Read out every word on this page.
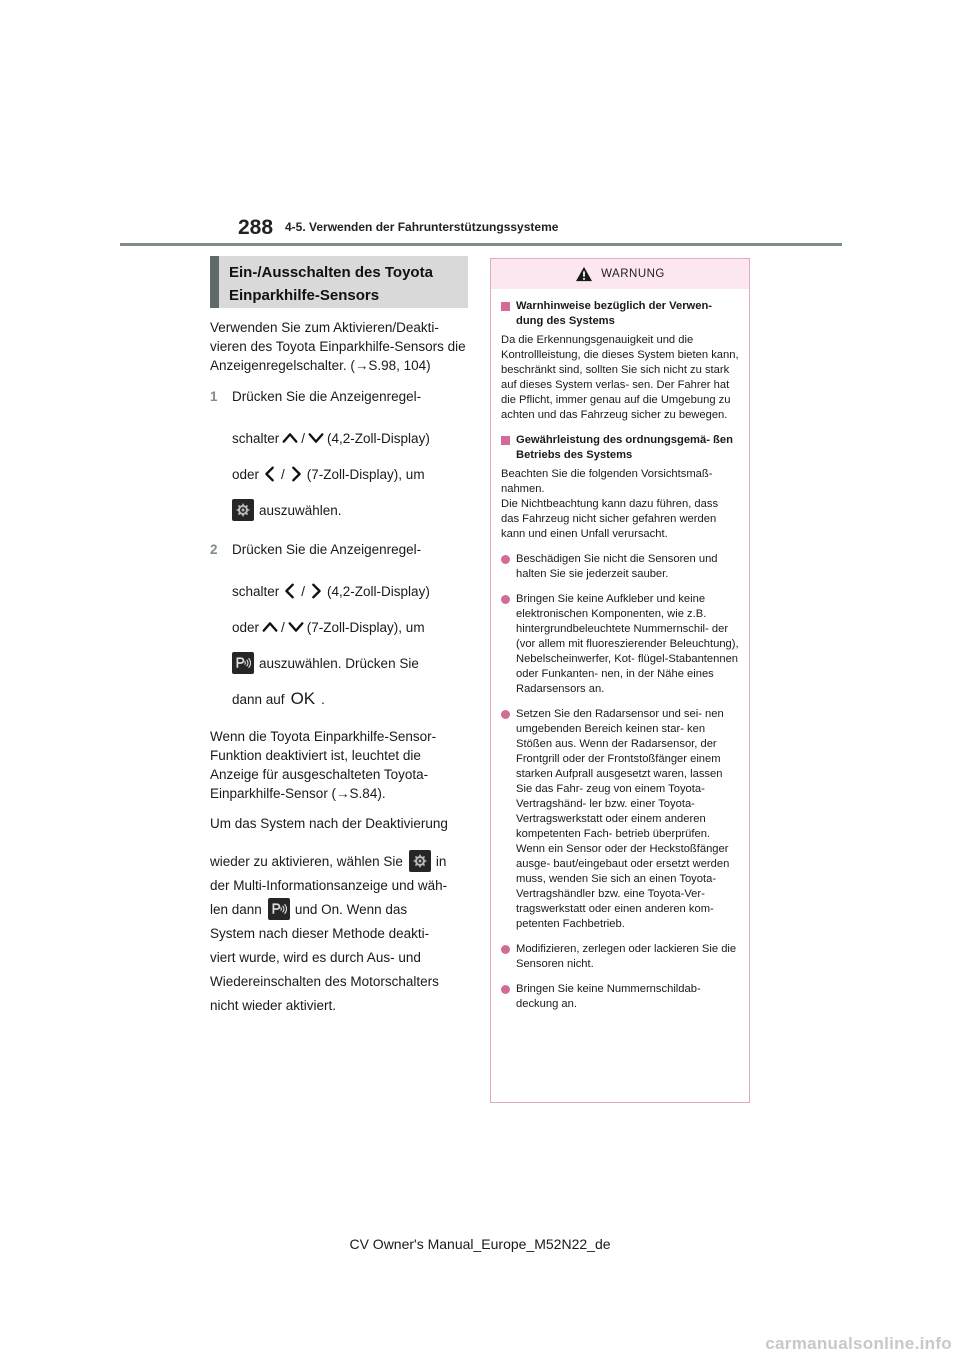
288 4-5. Verwenden der Fahrunterstützungssysteme
Ein-/Ausschalten des Toyota
Einparkhilfe-Sensors

Verwenden Sie zum Aktivieren/Deakti- vieren des Toyota Einparkhilfe-Sensors die Anzeigenregelschalter. (→S.98, 104)

1	Drücken Sie die Anzeigenregel-
schalter / (4,2-Zoll-Display)
oder / (7-Zoll-Display), um
auszuwählen.
2	Drücken Sie die Anzeigenregel-
schalter / (4,2-Zoll-Display)
oder / (7-Zoll-Display), um
auszuwählen. Drücken Sie
dann auf OK .

Wenn die Toyota Einparkhilfe-Sensor- Funktion deaktiviert ist, leuchtet die Anzeige für ausgeschalteten Toyota- Einparkhilfe-Sensor (→S.84).

Um das System nach der Deaktivierung
wieder zu aktivieren, wählen Sie in
der Multi-Informationsanzeige und wäh-
len dann und On. Wenn das
System nach dieser Methode deakti-
viert wurde, wird es durch Aus- und
Wiedereinschalten des Motorschalters
nicht wieder aktiviert.
WARNUNG
Warnhinweise bezüglich der Verwen- dung des Systems

Da die Erkennungsgenauigkeit und die Kontrollleistung, die dieses System bieten kann, beschränkt sind, sollten Sie sich nicht zu stark auf dieses System verlas- sen. Der Fahrer hat die Pflicht, immer genau auf die Umgebung zu achten und das Fahrzeug sicher zu bewegen.

Gewährleistung des ordnungsgemä- ßen Betriebs des Systems

Beachten Sie die folgenden Vorsichtsmaß- nahmen.

Die Nichtbeachtung kann dazu führen, dass das Fahrzeug nicht sicher gefahren werden kann und einen Unfall verursacht.

Beschädigen Sie nicht die Sensoren und halten Sie sie jederzeit sauber.
Bringen Sie keine Aufkleber und keine elektronischen Komponenten, wie z.B. hintergrundbeleuchtete Nummernschil- der (vor allem mit fluoreszierender Beleuchtung), Nebelscheinwerfer, Kot- flügel-Stabantennen oder Funkanten- nen, in der Nähe eines Radarsensors an.
Setzen Sie den Radarsensor und sei- nen umgebenden Bereich keinen star- ken Stößen aus. Wenn der Radarsensor, der Frontgrill oder der Frontstoßfänger einem starken Aufprall ausgesetzt waren, lassen Sie das Fahr- zeug von einem Toyota-Vertragshänd- ler bzw. einer Toyota-Vertragswerkstatt oder einem anderen kompetenten Fach- betrieb überprüfen. Wenn ein Sensor oder der Heckstoßfänger ausge- baut/eingebaut oder ersetzt werden muss, wenden Sie sich an einen Toyota- Vertragshändler bzw. eine Toyota-Ver- tragswerkstatt oder einen anderen kom- petenten Fachbetrieb.
Modifizieren, zerlegen oder lackieren Sie die Sensoren nicht.
Bringen Sie keine Nummernschildab- deckung an.
CV Owner's Manual_Europe_M52N22_de
carmanualsonline.info
